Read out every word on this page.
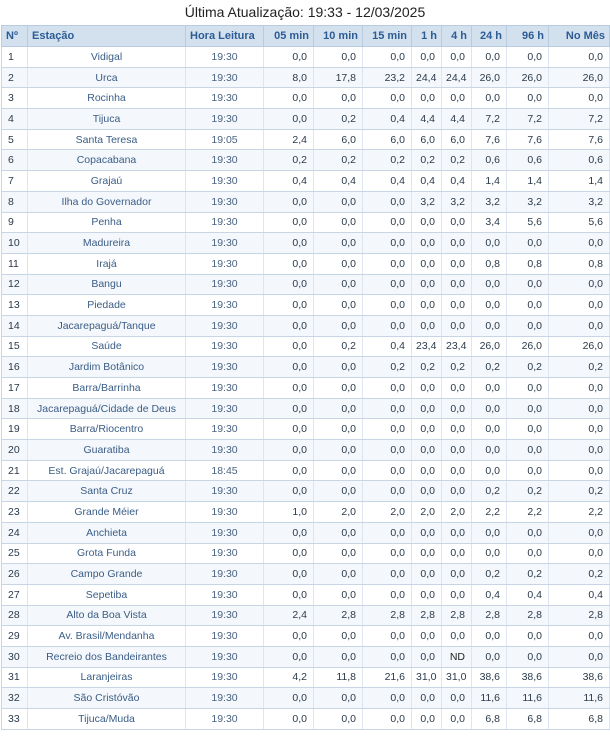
Última Atualização: 19:33 - 12/03/2025
Nº	Estação	Hora Leitura	05 min	10 min	15 min	1 h	4 h	24 h	96 h	No Mês
1	Vidigal	19:30	0,0	0,0	0,0	0,0	0,0	0,0	0,0	0,0
2	Urca	19:30	8,0	17,8	23,2	24,4	24,4	26,0	26,0	26,0
3	Rocinha	19:30	0,0	0,0	0,0	0,0	0,0	0,0	0,0	0,0
4	Tijuca	19:30	0,0	0,2	0,4	4,4	4,4	7,2	7,2	7,2
5	Santa Teresa	19:05	2,4	6,0	6,0	6,0	6,0	7,6	7,6	7,6
6	Copacabana	19:30	0,2	0,2	0,2	0,2	0,2	0,6	0,6	0,6
7	Grajaú	19:30	0,4	0,4	0,4	0,4	0,4	1,4	1,4	1,4
8	Ilha do Governador	19:30	0,0	0,0	0,0	3,2	3,2	3,2	3,2	3,2
9	Penha	19:30	0,0	0,0	0,0	0,0	0,0	3,4	5,6	5,6
10	Madureira	19:30	0,0	0,0	0,0	0,0	0,0	0,0	0,0	0,0
11	Irajá	19:30	0,0	0,0	0,0	0,0	0,0	0,8	0,8	0,8
12	Bangu	19:30	0,0	0,0	0,0	0,0	0,0	0,0	0,0	0,0
13	Piedade	19:30	0,0	0,0	0,0	0,0	0,0	0,0	0,0	0,0
14	Jacarepaguá/Tanque	19:30	0,0	0,0	0,0	0,0	0,0	0,0	0,0	0,0
15	Saúde	19:30	0,0	0,2	0,4	23,4	23,4	26,0	26,0	26,0
16	Jardim Botânico	19:30	0,0	0,0	0,2	0,2	0,2	0,2	0,2	0,2
17	Barra/Barrinha	19:30	0,0	0,0	0,0	0,0	0,0	0,0	0,0	0,0
18	Jacarepaguá/Cidade de Deus	19:30	0,0	0,0	0,0	0,0	0,0	0,0	0,0	0,0
19	Barra/Riocentro	19:30	0,0	0,0	0,0	0,0	0,0	0,0	0,0	0,0
20	Guaratiba	19:30	0,0	0,0	0,0	0,0	0,0	0,0	0,0	0,0
21	Est. Grajaú/Jacarepaguá	18:45	0,0	0,0	0,0	0,0	0,0	0,0	0,0	0,0
22	Santa Cruz	19:30	0,0	0,0	0,0	0,0	0,0	0,2	0,2	0,2
23	Grande Méier	19:30	1,0	2,0	2,0	2,0	2,0	2,2	2,2	2,2
24	Anchieta	19:30	0,0	0,0	0,0	0,0	0,0	0,0	0,0	0,0
25	Grota Funda	19:30	0,0	0,0	0,0	0,0	0,0	0,0	0,0	0,0
26	Campo Grande	19:30	0,0	0,0	0,0	0,0	0,0	0,2	0,2	0,2
27	Sepetiba	19:30	0,0	0,0	0,0	0,0	0,0	0,4	0,4	0,4
28	Alto da Boa Vista	19:30	2,4	2,8	2,8	2,8	2,8	2,8	2,8	2,8
29	Av. Brasil/Mendanha	19:30	0,0	0,0	0,0	0,0	0,0	0,0	0,0	0,0
30	Recreio dos Bandeirantes	19:30	0,0	0,0	0,0	0,0	ND	0,0	0,0	0,0
31	Laranjeiras	19:30	4,2	11,8	21,6	31,0	31,0	38,6	38,6	38,6
32	São Cristóvão	19:30	0,0	0,0	0,0	0,0	0,0	11,6	11,6	11,6
33	Tijuca/Muda	19:30	0,0	0,0	0,0	0,0	0,0	6,8	6,8	6,8
